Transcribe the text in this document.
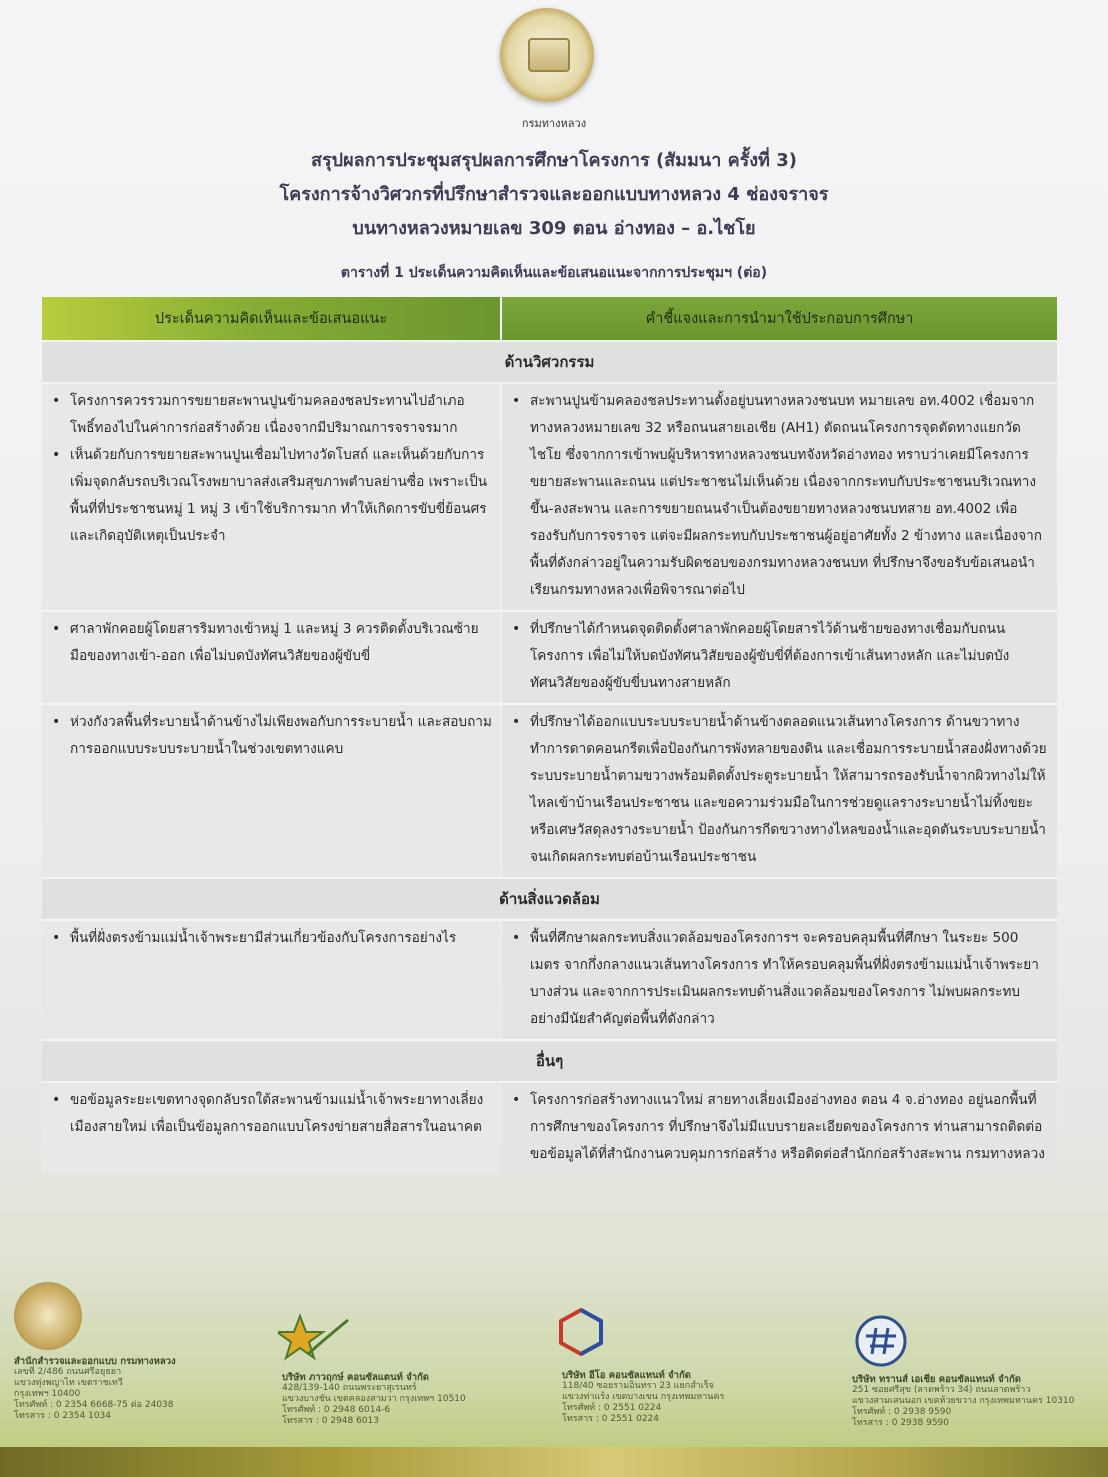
กรมทางหลวง
สรุปผลการประชุมสรุปผลการศึกษาโครงการ (สัมมนา ครั้งที่ 3)
โครงการจ้างวิศวกรที่ปรึกษาสำรวจและออกแบบทางหลวง 4 ช่องจราจร
บนทางหลวงหมายเลข 309 ตอน อ่างทอง – อ.ไชโย
ตารางที่ 1 ประเด็นความคิดเห็นและข้อเสนอแนะจากการประชุมฯ (ต่อ)
ประเด็นความคิดเห็นและข้อเสนอแนะ	คำชี้แจงและการนำมาใช้ประกอบการศึกษา
ด้านวิศวกรรม
• โครงการควรรวมการขยายสะพานปูนข้ามคลองชลประทานไปอำเภอโพธิ์ทองไปในค่าการก่อสร้างด้วย เนื่องจากมีปริมาณการจราจรมาก
• เห็นด้วยกับการขยายสะพานปูนเชื่อมไปทางวัดโบสถ์ และเห็นด้วยกับการเพิ่มจุดกลับรถบริเวณโรงพยาบาลส่งเสริมสุขภาพตำบลย่านซื่อ เพราะเป็นพื้นที่ที่ประชาชนหมู่ 1 หมู่ 3 เข้าใช้บริการมาก ทำให้เกิดการขับขี่ย้อนศร และเกิดอุบัติเหตุเป็นประจำ
• สะพานปูนข้ามคลองชลประทานตั้งอยู่บนทางหลวงชนบท หมายเลข อท.4002 เชื่อมจากทางหลวงหมายเลข 32 หรือถนนสายเอเชีย (AH1) ตัดถนนโครงการจุดตัดทางแยกวัดไชโย ซึ่งจากการเข้าพบผู้บริหารทางหลวงชนบทจังหวัดอ่างทอง ทราบว่าเคยมีโครงการขยายสะพานและถนน แต่ประชาชนไม่เห็นด้วย เนื่องจากกระทบกับประชาชนบริเวณทางขึ้น-ลงสะพาน และการขยายถนนจำเป็นต้องขยายทางหลวงชนบทสาย อท.4002 เพื่อรองรับกับการจราจร แต่จะมีผลกระทบกับประชาชนผู้อยู่อาศัยทั้ง 2 ข้างทาง และเนื่องจากพื้นที่ดังกล่าวอยู่ในความรับผิดชอบของกรมทางหลวงชนบท ที่ปรึกษาจึงขอรับข้อเสนอนำเรียนกรมทางหลวงเพื่อพิจารณาต่อไป
• ศาลาพักคอยผู้โดยสารริมทางเข้าหมู่ 1 และหมู่ 3 ควรติดตั้งบริเวณซ้ายมือของทางเข้า-ออก เพื่อไม่บดบังทัศนวิสัยของผู้ขับขี่
• ที่ปรึกษาได้กำหนดจุดติดตั้งศาลาพักคอยผู้โดยสารไว้ด้านซ้ายของทางเชื่อมกับถนนโครงการ เพื่อไม่ให้บดบังทัศนวิสัยของผู้ขับขี่ที่ต้องการเข้าเส้นทางหลัก และไม่บดบังทัศนวิสัยของผู้ขับขี่บนทางสายหลัก
• ห่วงกังวลพื้นที่ระบายน้ำด้านข้างไม่เพียงพอกับการระบายน้ำ และสอบถามการออกแบบระบบระบายน้ำในช่วงเขตทางแคบ
• ที่ปรึกษาได้ออกแบบระบบระบายน้ำด้านข้างตลอดแนวเส้นทางโครงการ ด้านขวาทาง ทำการดาดคอนกรีตเพื่อป้องกันการพังทลายของดิน และเชื่อมการระบายน้ำสองฝั่งทางด้วยระบบระบายน้ำตามขวางพร้อมติดตั้งประตูระบายน้ำ ให้สามารถรองรับน้ำจากผิวทางไม่ให้ไหลเข้าบ้านเรือนประชาชน และขอความร่วมมือในการช่วยดูแลรางระบายน้ำไม่ทิ้งขยะหรือเศษวัสดุลงรางระบายน้ำ ป้องกันการกีดขวางทางไหลของน้ำและอุดตันระบบระบายน้ำจนเกิดผลกระทบต่อบ้านเรือนประชาชน
ด้านสิ่งแวดล้อม
• พื้นที่ฝั่งตรงข้ามแม่น้ำเจ้าพระยามีส่วนเกี่ยวข้องกับโครงการอย่างไร	• พื้นที่ศึกษาผลกระทบสิ่งแวดล้อมของโครงการฯ จะครอบคลุมพื้นที่ศึกษา ในระยะ 500 เมตร จากกึ่งกลางแนวเส้นทางโครงการ ทำให้ครอบคลุมพื้นที่ฝั่งตรงข้ามแม่น้ำเจ้าพระยาบางส่วน และจากการประเมินผลกระทบด้านสิ่งแวดล้อมของโครงการ ไม่พบผลกระทบอย่างมีนัยสำคัญต่อพื้นที่ดังกล่าว
อื่นๆ
• ขอข้อมูลระยะเขตทางจุดกลับรถใต้สะพานข้ามแม่น้ำเจ้าพระยาทางเลี่ยงเมืองสายใหม่ เพื่อเป็นข้อมูลการออกแบบโครงข่ายสายสื่อสารในอนาคต
• โครงการก่อสร้างทางแนวใหม่ สายทางเลี่ยงเมืองอ่างทอง ตอน 4 จ.อ่างทอง อยู่นอกพื้นที่การศึกษาของโครงการ ที่ปรึกษาจึงไม่มีแบบรายละเอียดของโครงการ ท่านสามารถติดต่อขอข้อมูลได้ที่สำนักงานควบคุมการก่อสร้าง หรือติดต่อสำนักก่อสร้างสะพาน กรมทางหลวง
สำนักสำรวจและออกแบบ กรมทางหลวง
เลขที่ 2/486 ถนนศรีอยุธยา
แขวงทุ่งพญาไท เขตราชเทวี
กรุงเทพฯ 10400
โทรศัพท์ : 0 2354 6668-75 ต่อ 24038
โทรสาร : 0 2354 1034
บริษัท ภาวฤกษ์ คอนซัลแตนท์ จำกัด
428/139-140 ถนนพระยาสุเรนทร์
แขวงบางชัน เขตคลองสามวา กรุงเทพฯ 10510
โทรศัพท์ : 0 2948 6014-6
โทรสาร : 0 2948 6013
บริษัท อีโอ คอนซัลแทนท์ จำกัด
118/40 ซอยรามอินทรา 23 แยกสำเร็จ
แขวงท่าแร้ง เขตบางเขน กรุงเทพมหานคร
โทรศัพท์ : 0 2551 0224
โทรสาร : 0 2551 0224
บริษัท ทรานส์ เอเชีย คอนซัลแทนท์ จำกัด
251 ซอยศรีสุข (ลาดพร้าว 34) ถนนลาดพร้าว
แขวงสามเสนนอก เขตห้วยขวาง กรุงเทพมหานคร 10310
โทรศัพท์ : 0 2938 9590
โทรสาร : 0 2938 9590
